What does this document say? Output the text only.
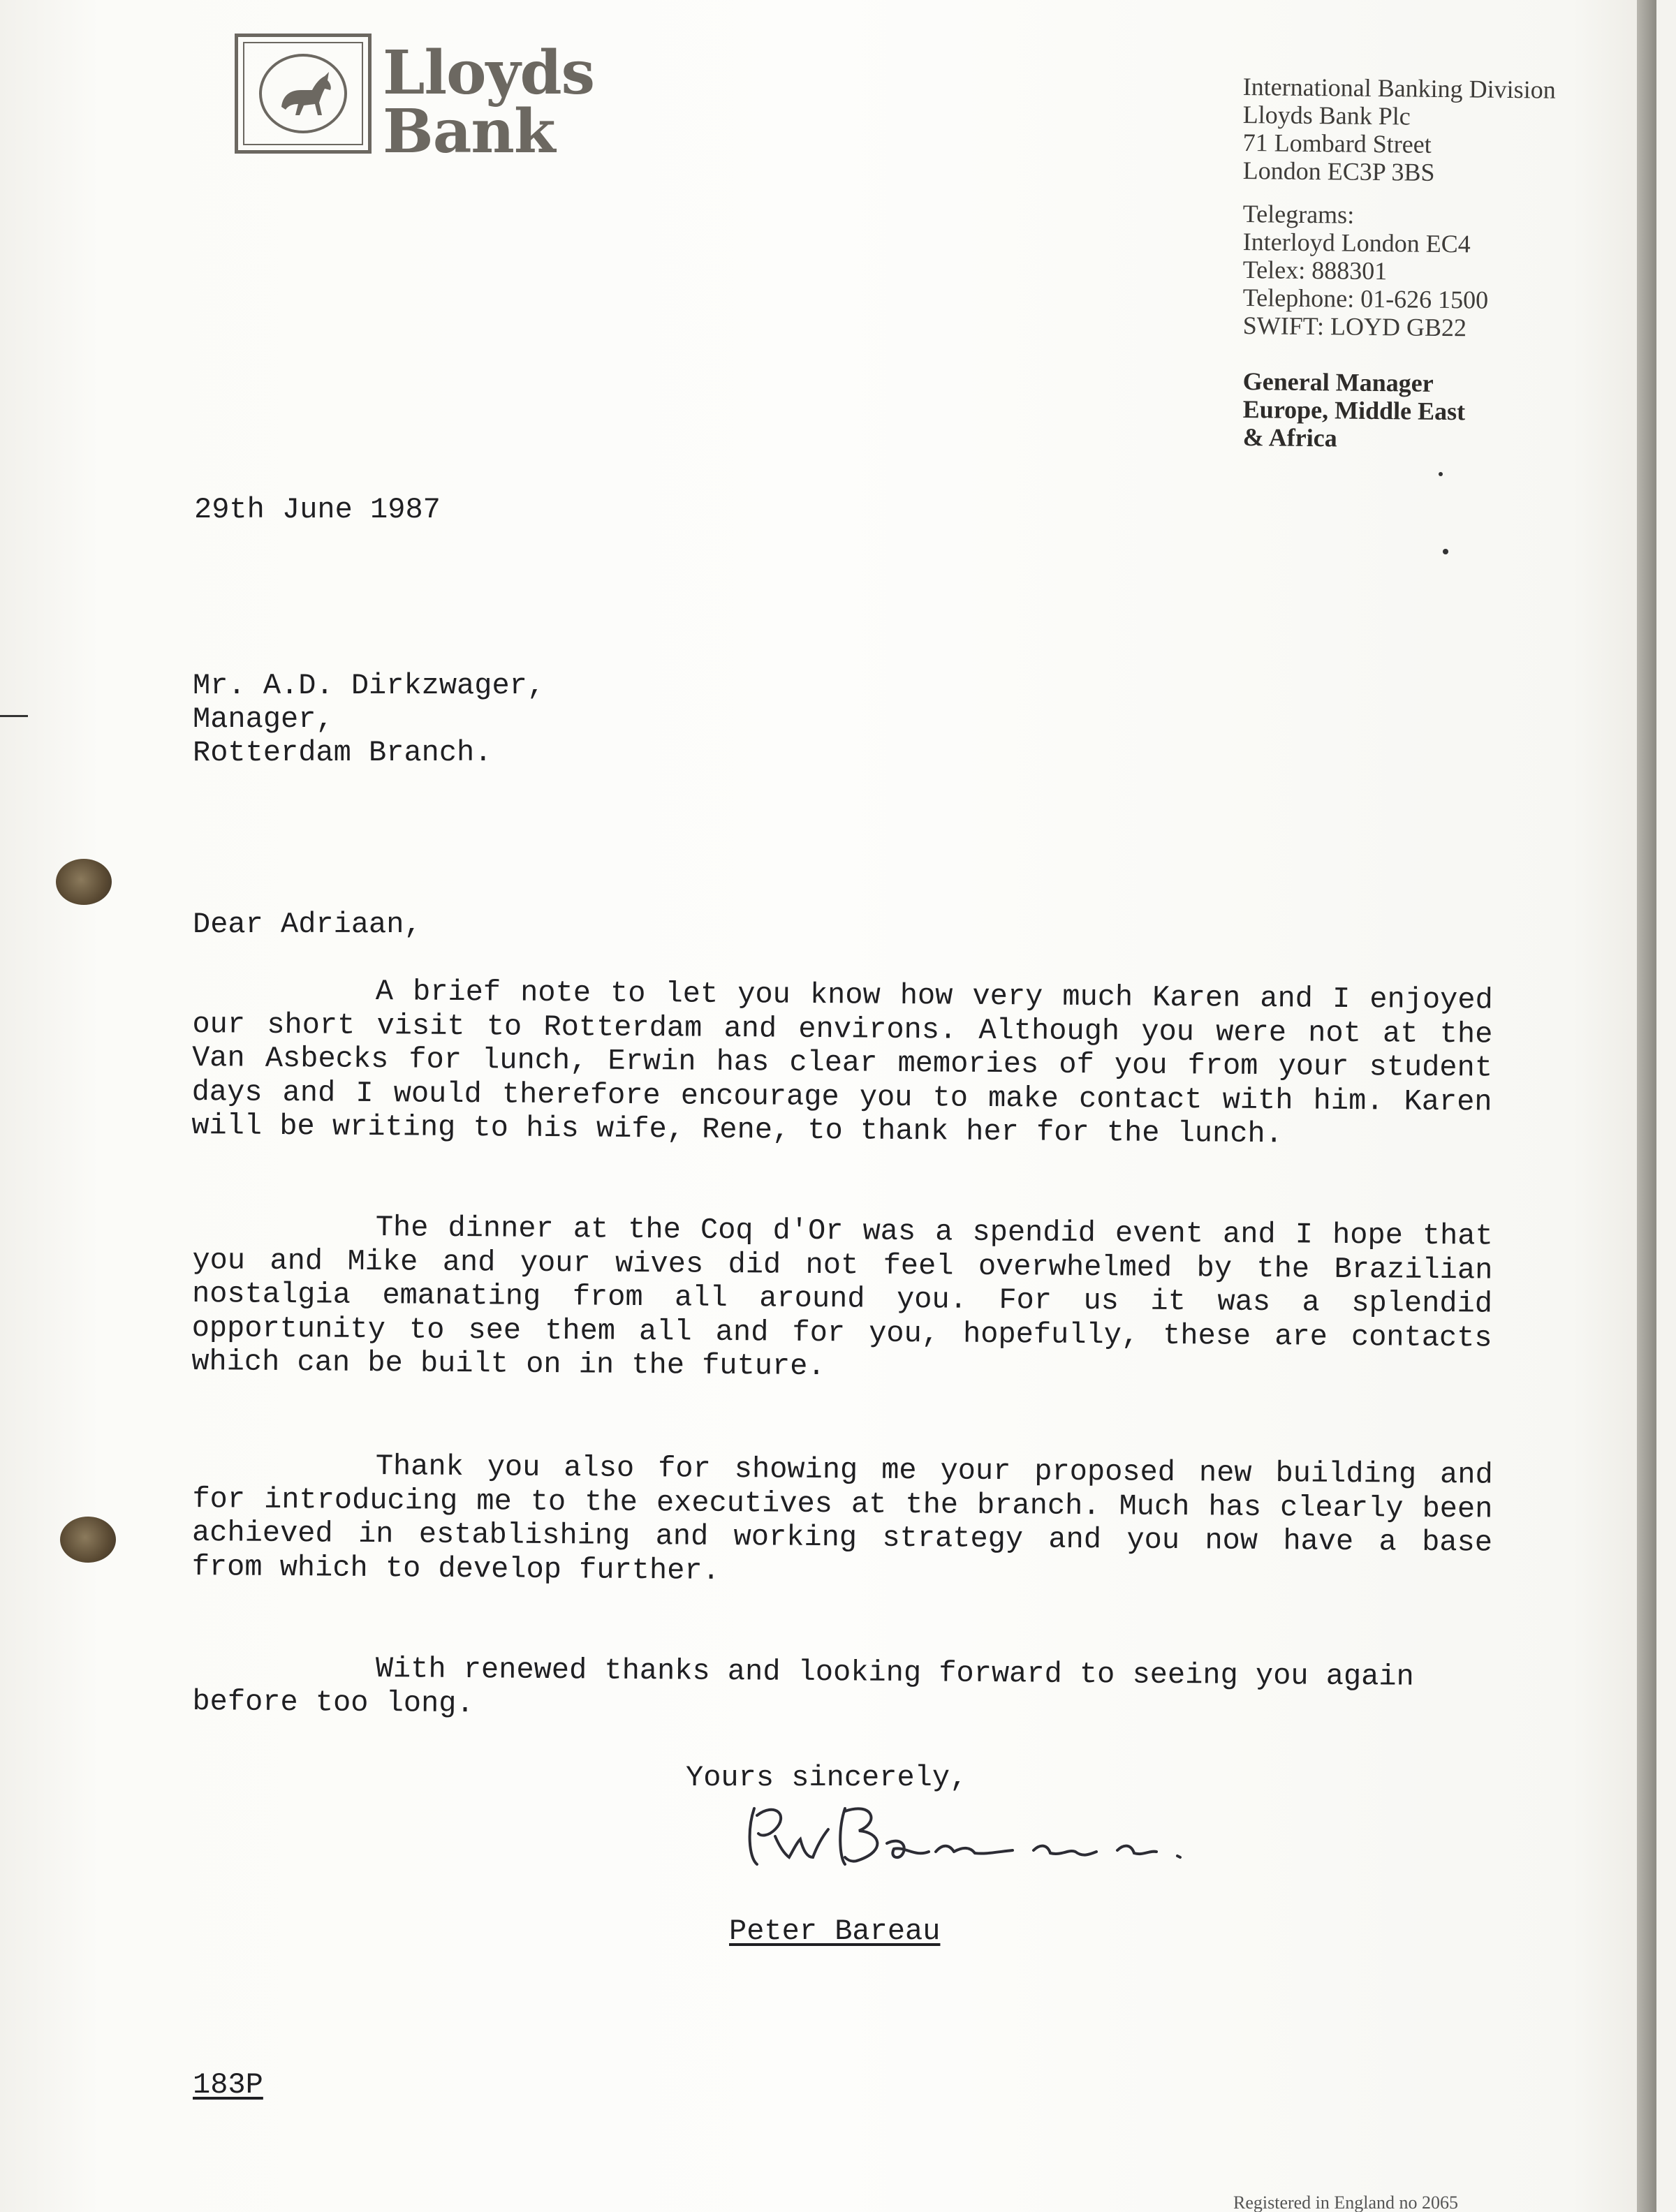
Lloyds
Bank
International Banking Division
Lloyds Bank Plc
71 Lombard Street
London EC3P 3BS
Telegrams:
Interloyd London EC4
Telex: 888301
Telephone: 01-626 1500
SWIFT: LOYD GB22
General Manager
Europe, Middle East
& Africa
29th June 1987
Mr. A.D. Dirkzwager,
Manager,
Rotterdam Branch.
Dear Adriaan,
A brief note to let you know how very much Karen and I enjoyed our short visit to Rotterdam and environs. Although you were not at the Van Asbecks for lunch, Erwin has clear memories of you from your student days and I would therefore encourage you to make contact with him. Karen will be writing to his wife, Rene, to thank her for the lunch.
The dinner at the Coq d'Or was a spendid event and I hope that you and Mike and your wives did not feel overwhelmed by the Brazilian nostalgia emanating from all around you. For us it was a splendid opportunity to see them all and for you, hopefully, these are contacts which can be built on in the future.
Thank you also for showing me your proposed new building and for introducing me to the executives at the branch. Much has clearly been achieved in establishing and working strategy and you now have a base from which to develop further.
With renewed thanks and looking forward to seeing you again before too long.
Yours sincerely,
Peter Bareau
183P
Registered in England no 2065
